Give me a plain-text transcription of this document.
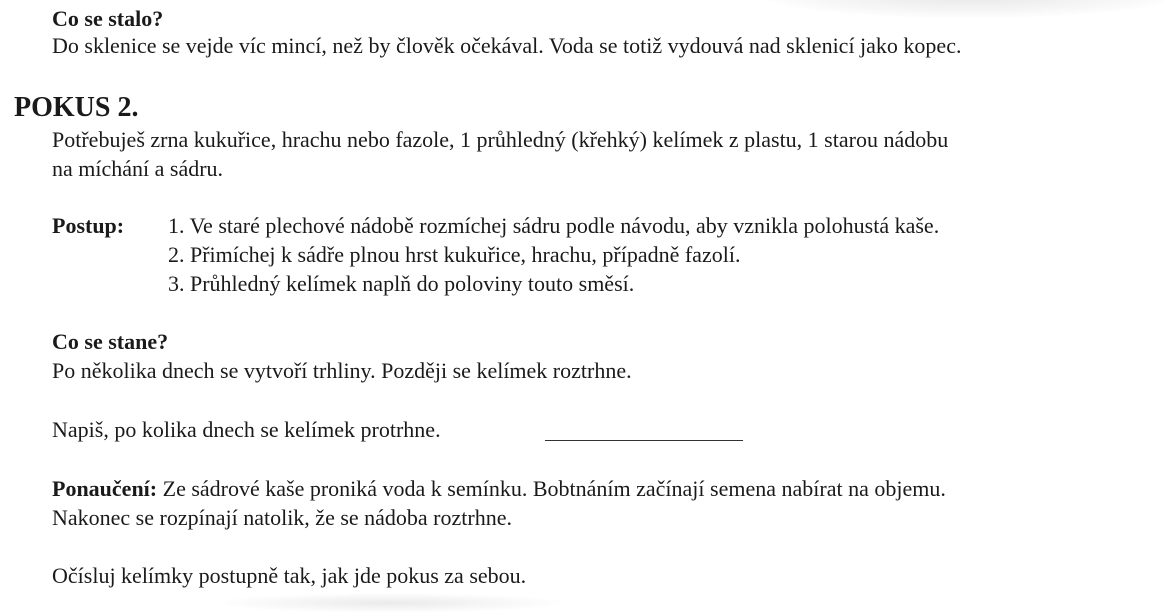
Co se stalo?
Do sklenice se vejde víc mincí, než by člověk očekával. Voda se totiž vydouvá nad sklenicí jako kopec.
POKUS 2.
Potřebuješ zrna kukuřice, hrachu nebo fazole, 1 průhledný (křehký) kelímek z plastu, 1 starou nádobu
na míchání a sádru.
Postup: 1. Ve staré plechové nádobě rozmíchej sádru podle návodu, aby vznikla polohustá kaše.
2. Přimíchej k sádře plnou hrst kukuřice, hrachu, případně fazolí.
3. Průhledný kelímek naplň do poloviny touto směsí.
Co se stane?
Po několika dnech se vytvoří trhliny. Později se kelímek roztrhne.
Napiš, po kolika dnech se kelímek protrhne.
Ponaučení: Ze sádrové kaše proniká voda k semínku. Bobtnáním začínají semena nabírat na objemu.
Nakonec se rozpínají natolik, že se nádoba roztrhne.
Očísluj kelímky postupně tak, jak jde pokus za sebou.
